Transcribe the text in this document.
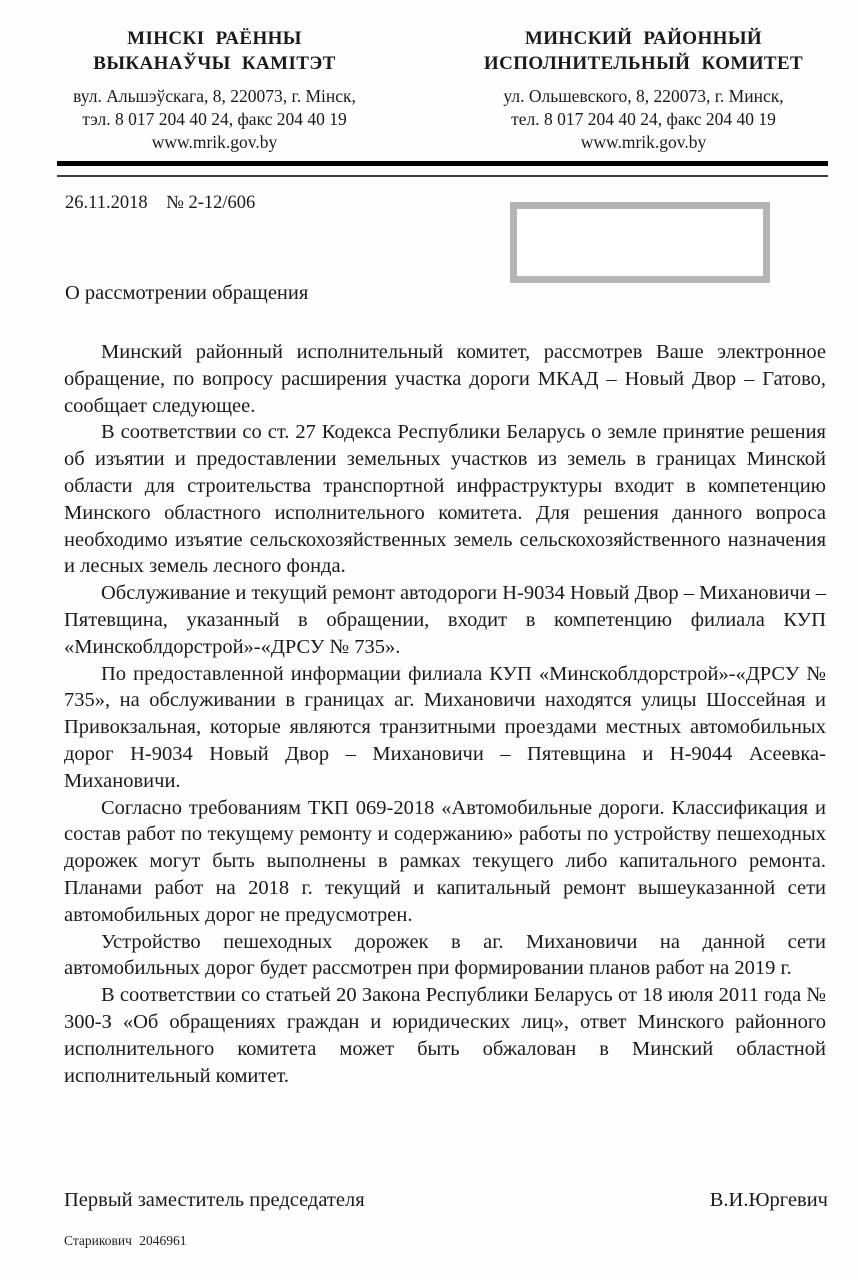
МІНСКІ РАЁННЫ
ВЫКАНАЎЧЫ КАМІТЭТ
вул. Альшэўскага, 8, 220073, г. Мінск,
тэл. 8 017 204 40 24, факс 204 40 19
www.mrik.gov.by
МИНСКИЙ РАЙОННЫЙ
ИСПОЛНИТЕЛЬНЫЙ КОМИТЕТ
ул. Ольшевского, 8, 220073, г. Минск,
тел. 8 017 204 40 24, факс 204 40 19
www.mrik.gov.by
26.11.2018 № 2-12/606
О рассмотрении обращения

Минский районный исполнительный комитет, рассмотрев Ваше электронное обращение, по вопросу расширения участка дороги МКАД – Новый Двор – Гатово, сообщает следующее.

В соответствии со ст. 27 Кодекса Республики Беларусь о земле принятие решения об изъятии и предоставлении земельных участков из земель в границах Минской области для строительства транспортной инфраструктуры входит в компетенцию Минского областного исполнительного комитета. Для решения данного вопроса необходимо изъятие сельскохозяйственных земель сельскохозяйственного назначения и лесных земель лесного фонда.

Обслуживание и текущий ремонт автодороги Н-9034 Новый Двор – Михановичи – Пятевщина, указанный в обращении, входит в компетенцию филиала КУП «Минскоблдорстрой»-«ДРСУ № 735».

По предоставленной информации филиала КУП «Минскоблдорстрой»-«ДРСУ № 735», на обслуживании в границах аг. Михановичи находятся улицы Шоссейная и Привокзальная, которые являются транзитными проездами местных автомобильных дорог Н-9034 Новый Двор – Михановичи – Пятевщина и Н-9044 Асеевка-Михановичи.

Согласно требованиям ТКП 069-2018 «Автомобильные дороги. Классификация и состав работ по текущему ремонту и содержанию» работы по устройству пешеходных дорожек могут быть выполнены в рамках текущего либо капитального ремонта. Планами работ на 2018 г. текущий и капитальный ремонт вышеуказанной сети автомобильных дорог не предусмотрен.

Устройство пешеходных дорожек в аг. Михановичи на данной сети автомобильных дорог будет рассмотрен при формировании планов работ на 2019 г.

В соответствии со статьей 20 Закона Республики Беларусь от 18 июля 2011 года № 300-З «Об обращениях граждан и юридических лиц», ответ Минского районного исполнительного комитета может быть обжалован в Минский областной исполнительный комитет.

Первый заместитель председателя	В.И.Юргевич
Старикович 2046961
